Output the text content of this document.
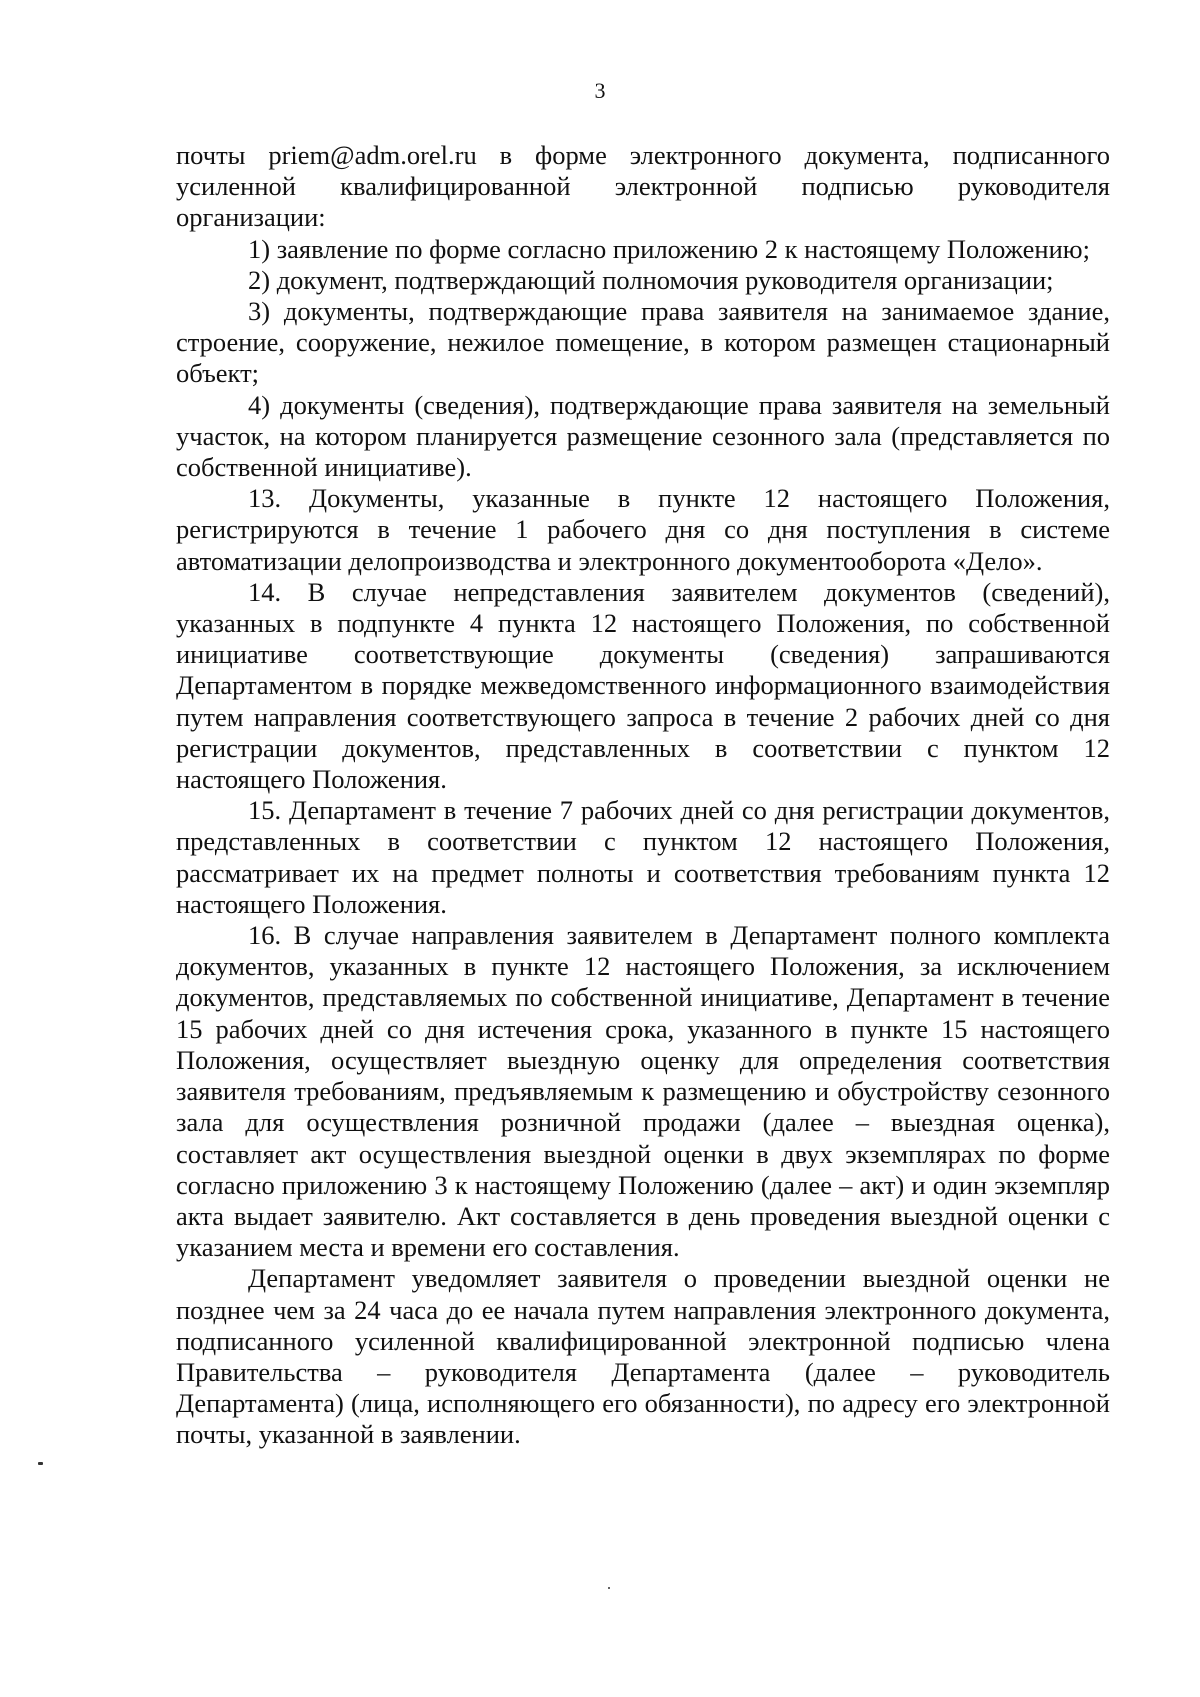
3

почты priem@adm.orel.ru в форме электронного документа, подписанного усиленной квалифицированной электронной подписью руководителя организации:

1) заявление по форме согласно приложению 2 к настоящему Положению;

2) документ, подтверждающий полномочия руководителя организации;

3) документы, подтверждающие права заявителя на занимаемое здание, строение, сооружение, нежилое помещение, в котором размещен стационарный объект;

4) документы (сведения), подтверждающие права заявителя на земельный участок, на котором планируется размещение сезонного зала (представляется по собственной инициативе).

13. Документы, указанные в пункте 12 настоящего Положения, регистрируются в течение 1 рабочего дня со дня поступления в системе автоматизации делопроизводства и электронного документооборота «Дело».

14. В случае непредставления заявителем документов (сведений), указанных в подпункте 4 пункта 12 настоящего Положения, по собственной инициативе соответствующие документы (сведения) запрашиваются Департаментом в порядке межведомственного информационного взаимодействия путем направления соответствующего запроса в течение 2 рабочих дней со дня регистрации документов, представленных в соответствии с пунктом 12 настоящего Положения.

15. Департамент в течение 7 рабочих дней со дня регистрации документов, представленных в соответствии с пунктом 12 настоящего Положения, рассматривает их на предмет полноты и соответствия требованиям пункта 12 настоящего Положения.

16. В случае направления заявителем в Департамент полного комплекта документов, указанных в пункте 12 настоящего Положения, за исключением документов, представляемых по собственной инициативе, Департамент в течение 15 рабочих дней со дня истечения срока, указанного в пункте 15 настоящего Положения, осуществляет выездную оценку для определения соответствия заявителя требованиям, предъявляемым к размещению и обустройству сезонного зала для осуществления розничной продажи (далее – выездная оценка), составляет акт осуществления выездной оценки в двух экземплярах по форме согласно приложению 3 к настоящему Положению (далее – акт) и один экземпляр акта выдает заявителю. Акт составляется в день проведения выездной оценки с указанием места и времени его составления.

Департамент уведомляет заявителя о проведении выездной оценки не позднее чем за 24 часа до ее начала путем направления электронного документа, подписанного усиленной квалифицированной электронной подписью члена Правительства – руководителя Департамента (далее – руководитель Департамента) (лица, исполняющего его обязанности), по адресу его электронной почты, указанной в заявлении.
